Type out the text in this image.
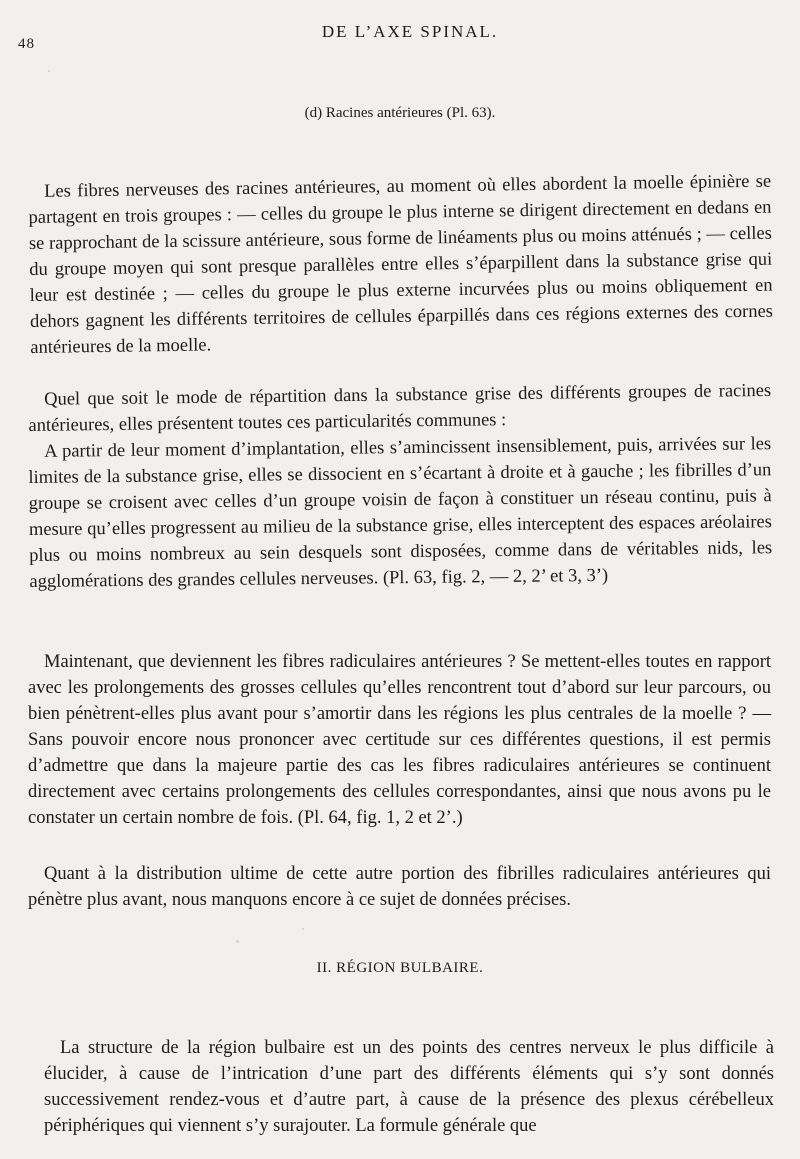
48
DE L’AXE SPINAL.
(d) Racines antérieures (Pl. 63).

Les fibres nerveuses des racines antérieures, au moment où elles abordent la moelle épinière se partagent en trois groupes : — celles du groupe le plus interne se dirigent directement en dedans en se rapprochant de la scissure antérieure, sous forme de linéaments plus ou moins atténués ; — celles du groupe moyen qui sont presque parallèles entre elles s’éparpillent dans la substance grise qui leur est destinée ; — celles du groupe le plus externe incurvées plus ou moins obliquement en dehors gagnent les différents territoires de cellules éparpillés dans ces régions externes des cornes antérieures de la moelle.

Quel que soit le mode de répartition dans la substance grise des différents groupes de racines antérieures, elles présentent toutes ces particularités communes :

A partir de leur moment d’implantation, elles s’amincissent insensiblement, puis, arrivées sur les limites de la substance grise, elles se dissocient en s’écartant à droite et à gauche ; les fibrilles d’un groupe se croisent avec celles d’un groupe voisin de façon à constituer un réseau continu, puis à mesure qu’elles progressent au milieu de la substance grise, elles interceptent des espaces aréolaires plus ou moins nombreux au sein desquels sont disposées, comme dans de véritables nids, les agglomérations des grandes cellules nerveuses. (Pl. 63, fig. 2, — 2, 2’ et 3, 3’)

Maintenant, que deviennent les fibres radiculaires antérieures ? Se mettent-elles toutes en rapport avec les prolongements des grosses cellules qu’elles rencontrent tout d’abord sur leur parcours, ou bien pénètrent-elles plus avant pour s’amortir dans les régions les plus centrales de la moelle ? — Sans pouvoir encore nous prononcer avec certitude sur ces différentes questions, il est permis d’admettre que dans la majeure partie des cas les fibres radiculaires antérieures se continuent directement avec certains prolongements des cellules correspondantes, ainsi que nous avons pu le constater un certain nombre de fois. (Pl. 64, fig. 1, 2 et 2’.)

Quant à la distribution ultime de cette autre portion des fibrilles radiculaires antérieures qui pénètre plus avant, nous manquons encore à ce sujet de données précises.

II. RÉGION BULBAIRE.

La structure de la région bulbaire est un des points des centres nerveux le plus difficile à élucider, à cause de l’intrication d’une part des différents éléments qui s’y sont donnés successivement rendez-vous et d’autre part, à cause de la présence des plexus cérébelleux périphériques qui viennent s’y surajouter. La formule générale que
